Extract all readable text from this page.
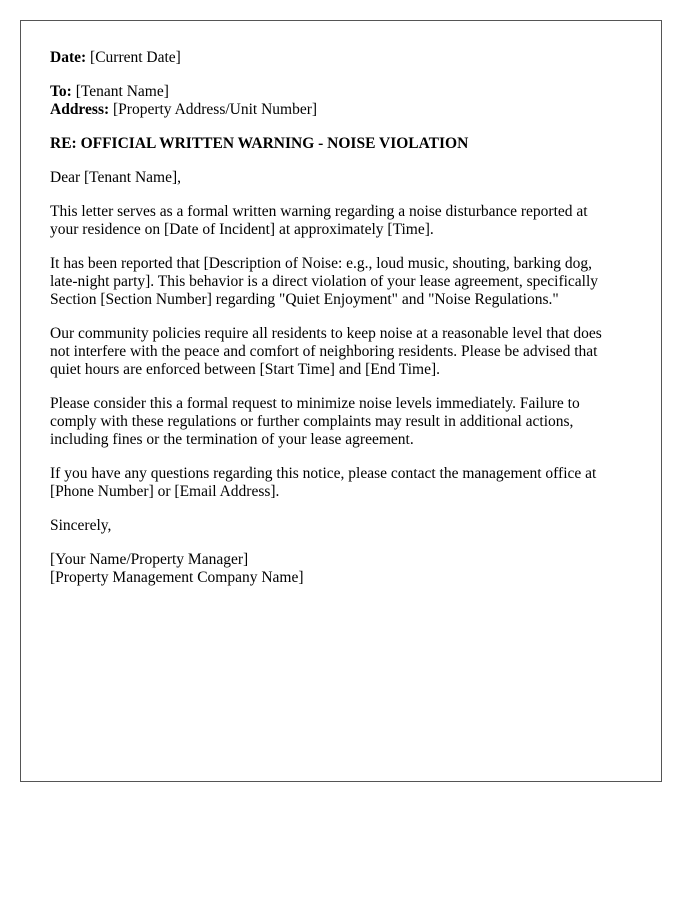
Date: [Current Date]
To: [Tenant Name]
Address: [Property Address/Unit Number]
RE: OFFICIAL WRITTEN WARNING - NOISE VIOLATION
Dear [Tenant Name],

This letter serves as a formal written warning regarding a noise disturbance reported at
your residence on [Date of Incident] at approximately [Time].

It has been reported that [Description of Noise: e.g., loud music, shouting, barking dog,
late-night party]. This behavior is a direct violation of your lease agreement, specifically
Section [Section Number] regarding "Quiet Enjoyment" and "Noise Regulations."

Our community policies require all residents to keep noise at a reasonable level that does
not interfere with the peace and comfort of neighboring residents. Please be advised that
quiet hours are enforced between [Start Time] and [End Time].

Please consider this a formal request to minimize noise levels immediately. Failure to
comply with these regulations or further complaints may result in additional actions,
including fines or the termination of your lease agreement.

If you have any questions regarding this notice, please contact the management office at
[Phone Number] or [Email Address].

Sincerely,
[Your Name/Property Manager]
[Property Management Company Name]
